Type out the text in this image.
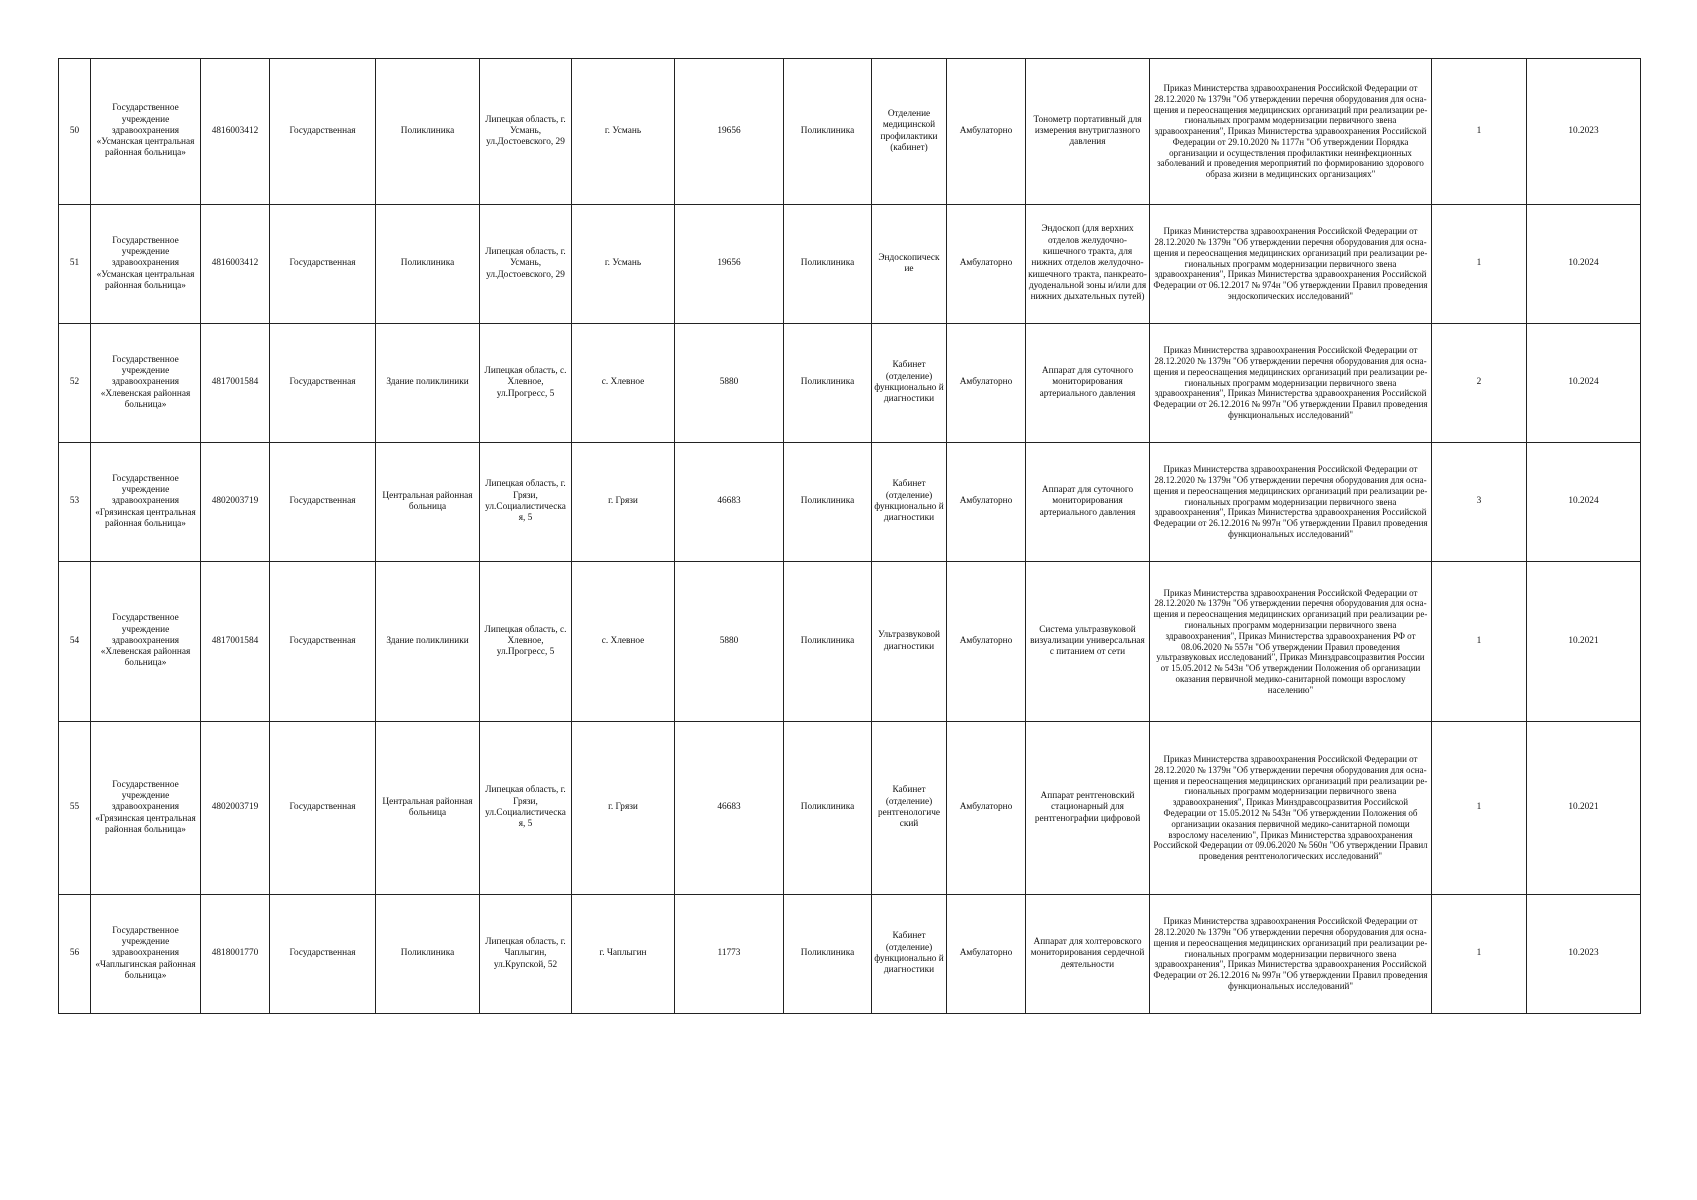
50	Государственное учреждение здравоохранения «Усманская центральная районная больница»	4816003412	Государственная	Поликлиника	Липецкая область, г. Усмань, ул.Достоевского, 29	г. Усмань	19656	Поликлиника	Отделение медицинской профилактики (кабинет)	Амбулаторно	Тонометр портативный для измерения внутриглазного давления	Приказ Министерства здравоохранения Российской Федерации от 28.12.2020 № 1379н "Об утверждении перечня оборудования для осна-щения и переоснащения медицинских организаций при реализации ре-гиональных программ модернизации первичного звена здравоохранения", Приказ Министерства здравоохранения Российской Федерации от 29.10.2020 № 1177н "Об утверждении Порядка организации и осуществления профилактики неинфекционных заболеваний и проведения мероприятий по формированию здорового образа жизни в медицинских организациях"	1	10.2023
51	Государственное учреждение здравоохранения «Усманская центральная районная больница»	4816003412	Государственная	Поликлиника	Липецкая область, г. Усмань, ул.Достоевского, 29	г. Усмань	19656	Поликлиника	Эндоскопическ ие	Амбулаторно	Эндоскоп (для верхних отделов желудочно-кишечного тракта, для нижних отделов желудочно-кишечного тракта, панкреато-дуоденальной зоны и/или для нижних дыхательных путей)	Приказ Министерства здравоохранения Российской Федерации от 28.12.2020 № 1379н "Об утверждении перечня оборудования для осна-щения и переоснащения медицинских организаций при реализации ре-гиональных программ модернизации первичного звена здравоохранения", Приказ Министерства здравоохранения Российской Федерации от 06.12.2017 № 974н "Об утверждении Правил проведения эндоскопических исследований"	1	10.2024
52	Государственное учреждение здравоохранения «Хлевенская районная больница»	4817001584	Государственная	Здание поликлиники	Липецкая область, с. Хлевное, ул.Прогресс, 5	с. Хлевное	5880	Поликлиника	Кабинет (отделение) функционально й диагностики	Амбулаторно	Аппарат для суточного мониторирования артериального давления	Приказ Министерства здравоохранения Российской Федерации от 28.12.2020 № 1379н "Об утверждении перечня оборудования для осна-щения и переоснащения медицинских организаций при реализации ре-гиональных программ модернизации первичного звена здравоохранения", Приказ Министерства здравоохранения Российской Федерации от 26.12.2016 № 997н "Об утверждении Правил проведения функциональных исследований"	2	10.2024
53	Государственное учреждение здравоохранения «Грязинская центральная районная больница»	4802003719	Государственная	Центральная районная больница	Липецкая область, г. Грязи, ул.Социалистическа я, 5	г. Грязи	46683	Поликлиника	Кабинет (отделение) функционально й диагностики	Амбулаторно	Аппарат для суточного мониторирования артериального давления	Приказ Министерства здравоохранения Российской Федерации от 28.12.2020 № 1379н "Об утверждении перечня оборудования для осна-щения и переоснащения медицинских организаций при реализации ре-гиональных программ модернизации первичного звена здравоохранения", Приказ Министерства здравоохранения Российской Федерации от 26.12.2016 № 997н "Об утверждении Правил проведения функциональных исследований"	3	10.2024
54	Государственное учреждение здравоохранения «Хлевенская районная больница»	4817001584	Государственная	Здание поликлиники	Липецкая область, с. Хлевное, ул.Прогресс, 5	с. Хлевное	5880	Поликлиника	Ультразвуковой диагностики	Амбулаторно	Система ультразвуковой визуализации универсальная с питанием от сети	Приказ Министерства здравоохранения Российской Федерации от 28.12.2020 № 1379н "Об утверждении перечня оборудования для осна-щения и переоснащения медицинских организаций при реализации ре-гиональных программ модернизации первичного звена здравоохранения", Приказ Министерства здравоохранения РФ от 08.06.2020 № 557н "Об утверждении Правил проведения ультразвуковых исследований", Приказ Минздравсоцразвития России от 15.05.2012 № 543н "Об утверждении Положения об организации оказания первичной медико-санитарной помощи взрослому населению"	1	10.2021
55	Государственное учреждение здравоохранения «Грязинская центральная районная больница»	4802003719	Государственная	Центральная районная больница	Липецкая область, г. Грязи, ул.Социалистическа я, 5	г. Грязи	46683	Поликлиника	Кабинет (отделение) рентгенологиче ский	Амбулаторно	Аппарат рентгеновский стационарный для рентгенографии цифровой	Приказ Министерства здравоохранения Российской Федерации от 28.12.2020 № 1379н "Об утверждении перечня оборудования для осна-щения и переоснащения медицинских организаций при реализации ре-гиональных программ модернизации первичного звена здравоохранения", Приказ Минздравсоцразвития Российской Федерации от 15.05.2012 № 543н "Об утверждении Положения об организации оказания первичной медико-санитарной помощи взрослому населению", Приказ Министерства здравоохранения Российской Федерации от 09.06.2020 № 560н "Об утверждении Правил проведения рентгенологических исследований"	1	10.2021
56	Государственное учреждение здравоохранения «Чаплыгинская районная больница»	4818001770	Государственная	Поликлиника	Липецкая область, г. Чаплыгин, ул.Крупской, 52	г. Чаплыгин	11773	Поликлиника	Кабинет (отделение) функционально й диагностики	Амбулаторно	Аппарат для холтеровского мониторирования сердечной деятельности	Приказ Министерства здравоохранения Российской Федерации от 28.12.2020 № 1379н "Об утверждении перечня оборудования для осна-щения и переоснащения медицинских организаций при реализации ре-гиональных программ модернизации первичного звена здравоохранения", Приказ Министерства здравоохранения Российской Федерации от 26.12.2016 № 997н "Об утверждении Правил проведения функциональных исследований"	1	10.2023
